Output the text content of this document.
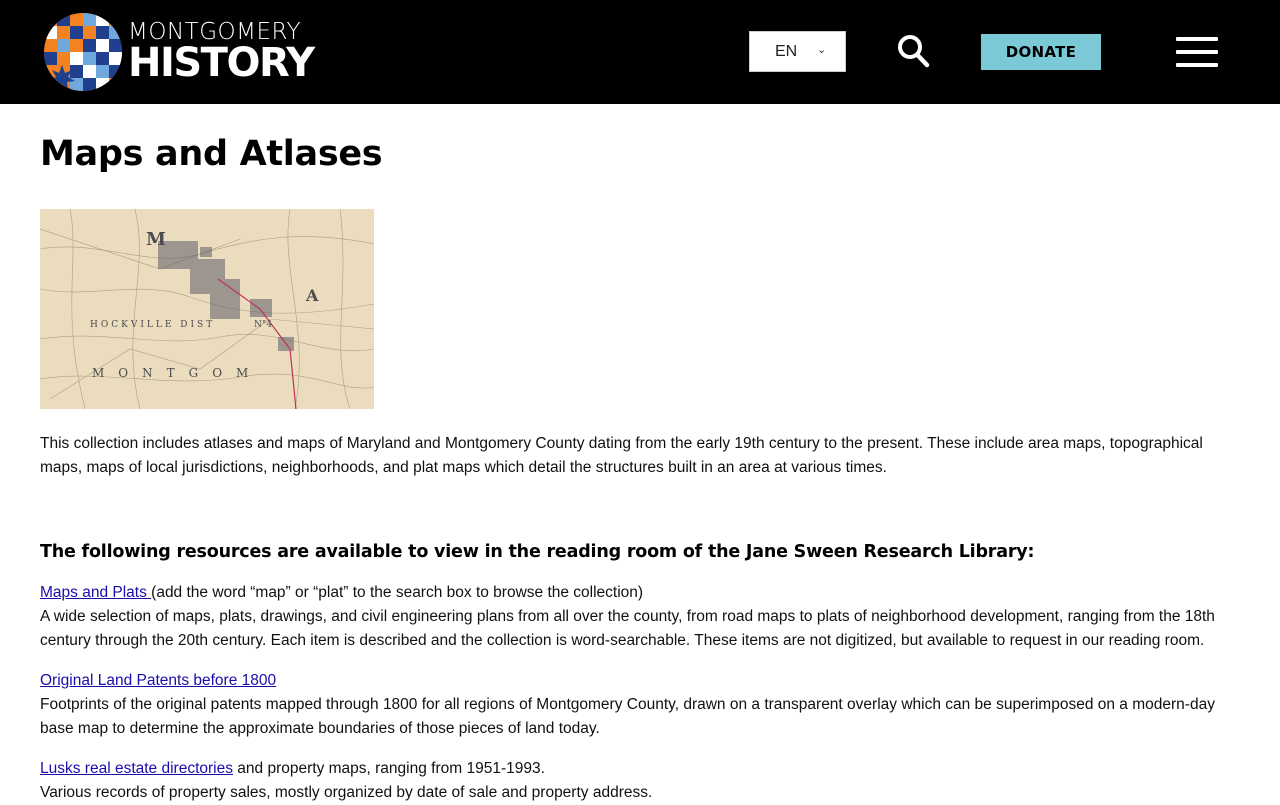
MONTGOMERY
HISTORY	EN ⌄	DONATE
Maps and Atlases
M
A
HOCKVILLE DIST	N°4
MONTGOM

This collection includes atlases and maps of Maryland and Montgomery County dating from the early 19th century to the present. These include area maps, topographical maps, maps of local jurisdictions, neighborhoods, and plat maps which detail the structures built in an area at various times.

The following resources are available to view in the reading room of the Jane Sween Research Library:
Maps and Plats (add the word “map” or “plat” to the search box to browse the collection)
A wide selection of maps, plats, drawings, and civil engineering plans from all over the county, from road maps to plats of neighborhood development, ranging from the 18th century through the 20th century. Each item is described and the collection is word-searchable. These items are not digitized, but available to request in our reading room.
Original Land Patents before 1800
Footprints of the original patents mapped through 1800 for all regions of Montgomery County, drawn on a transparent overlay which can be superimposed on a modern-day base map to determine the approximate boundaries of those pieces of land today.
Lusks real estate directories and property maps, ranging from 1951-1993.
Various records of property sales, mostly organized by date of sale and property address.
